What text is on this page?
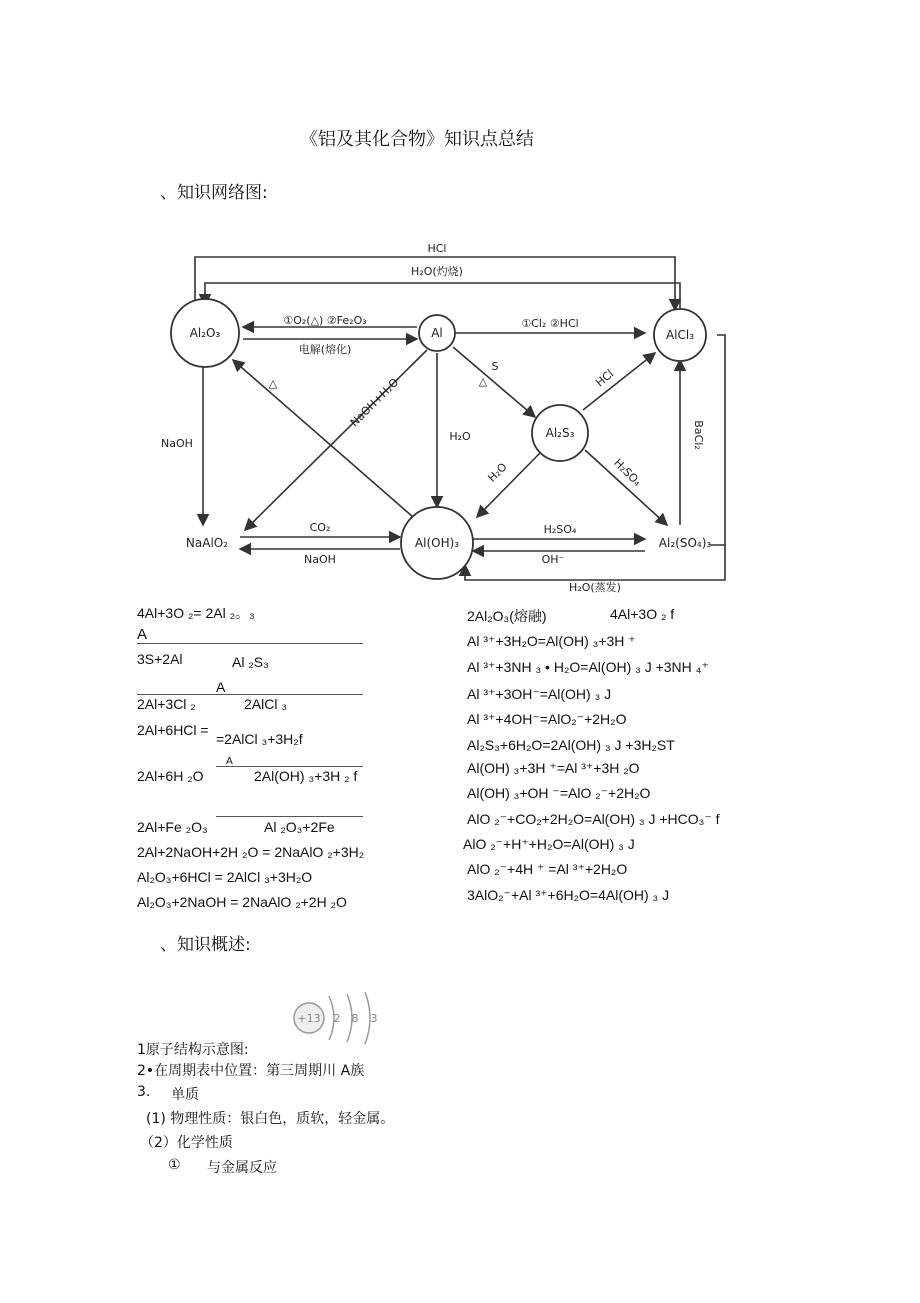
《铝及其化合物》知识点总结
、知识网络图:
Al₂O₃	Al	AlCl₃
Al₂S₃
NaAlO₂	Al(OH)₃	Al₂(SO₄)₃
HCl
H₂O(灼烧)
①O₂(△) ②Fe₂O₃
电解(熔化)
①Cl₂ ②HCl
NaOH
△	NaOH+H₂O
S
△	HCl
BaCl₂
H₂O
H₂O	H₂SO₄
CO₂
NaOH
H₂SO₄
OH⁻
H₂O(蒸发)
4Al+3O ₂= 2Al ₂。₃
A
3S+2Al	Al ₂S₃
A
2Al+3Cl ₂	2AlCl ₃
2Al+6HCl =
=2AlCl ₃+3H₂f
A
2Al+6H ₂O	2Al(OH) ₃+3H ₂ f
2Al+Fe ₂O₃	Al ₂O₃+2Fe
2Al+2NaOH+2H ₂O = 2NaAlO ₂+3H₂
Al₂O₃+6HCl = 2AlCl ₃+3H₂O
Al₂O₃+2NaOH = 2NaAlO ₂+2H ₂O
2Al₂O₃(熔融)	4Al+3O ₂ f
Al ³⁺+3H₂O=Al(OH) ₃+3H ⁺
Al ³⁺+3NH ₃ • H₂O=Al(OH) ₃ J +3NH ₄⁺
Al ³⁺+3OH⁻=Al(OH) ₃ J
Al ³⁺+4OH⁻=AlO₂⁻+2H₂O
Al₂S₃+6H₂O=2Al(OH) ₃ J +3H₂ST
Al(OH) ₃+3H ⁺=Al ³⁺+3H ₂O
Al(OH) ₃+OH ⁻=AlO ₂⁻+2H₂O
AlO ₂⁻+CO₂+2H₂O=Al(OH) ₃ J +HCO₃⁻ f
AlO ₂⁻+H⁺+H₂O=Al(OH) ₃ J
AlO ₂⁻+4H ⁺ =Al ³⁺+2H₂O
3AlO₂⁻+Al ³⁺+6H₂O=4Al(OH) ₃ J
、知识概述:
+13 2 8 3
1原子结构示意图:
2•在周期表中位置：第三周期川 A族
3. 单质
(1) 物理性质：银白色，质软，轻金属。
（2）化学性质
① 与金属反应
